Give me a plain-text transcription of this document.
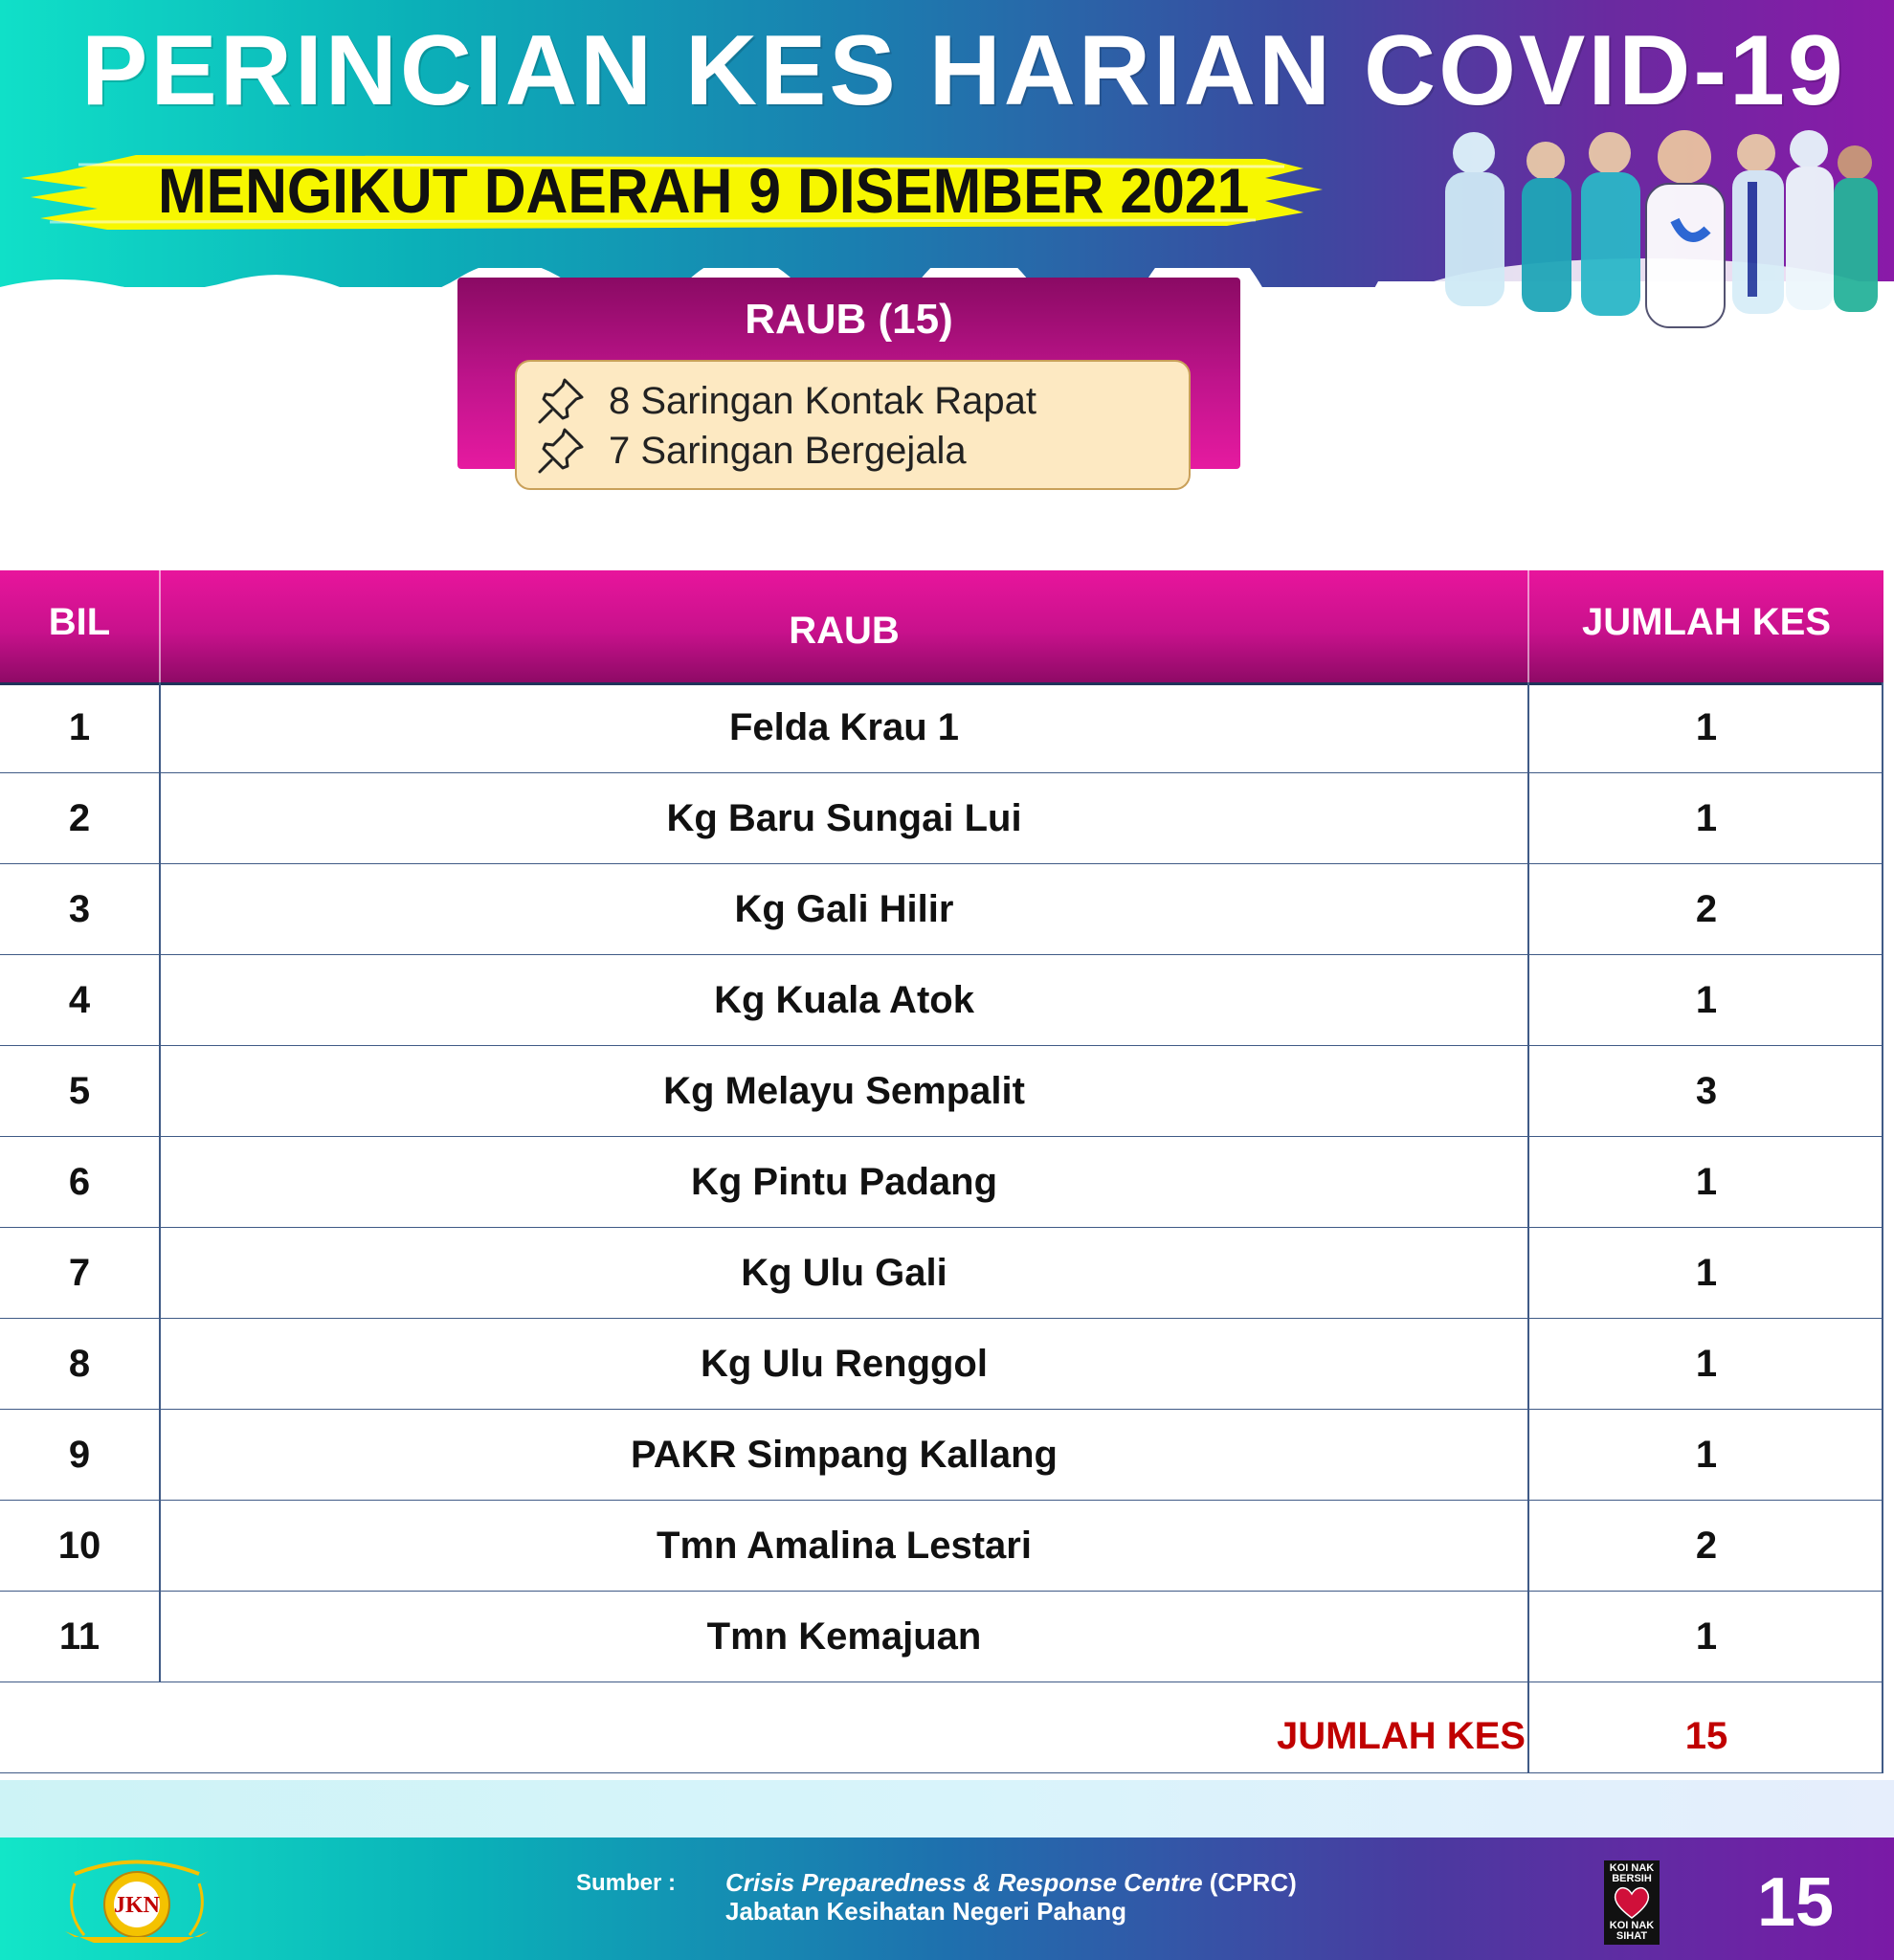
PERINCIAN KES HARIAN COVID-19
MENGIKUT DAERAH 9 DISEMBER 2021
RAUB (15)
8 Saringan Kontak Rapat
7 Saringan Bergejala
BIL	RAUB	JUMLAH KES
1	Felda Krau 1	1
2	Kg Baru Sungai Lui	1
3	Kg Gali Hilir	2
4	Kg Kuala Atok	1
5	Kg Melayu Sempalit	3
6	Kg Pintu Padang	1
7	Kg Ulu Gali	1
8	Kg Ulu Renggol	1
9	PAKR Simpang Kallang	1
10	Tmn Amalina Lestari	2
11	Tmn Kemajuan	1
JUMLAH KES	15
JKN
Sumber : Crisis Preparedness & Response Centre (CPRC)
Jabatan Kesihatan Negeri Pahang
KOI NAK BERSIH
KOI NAK SIHAT 15
